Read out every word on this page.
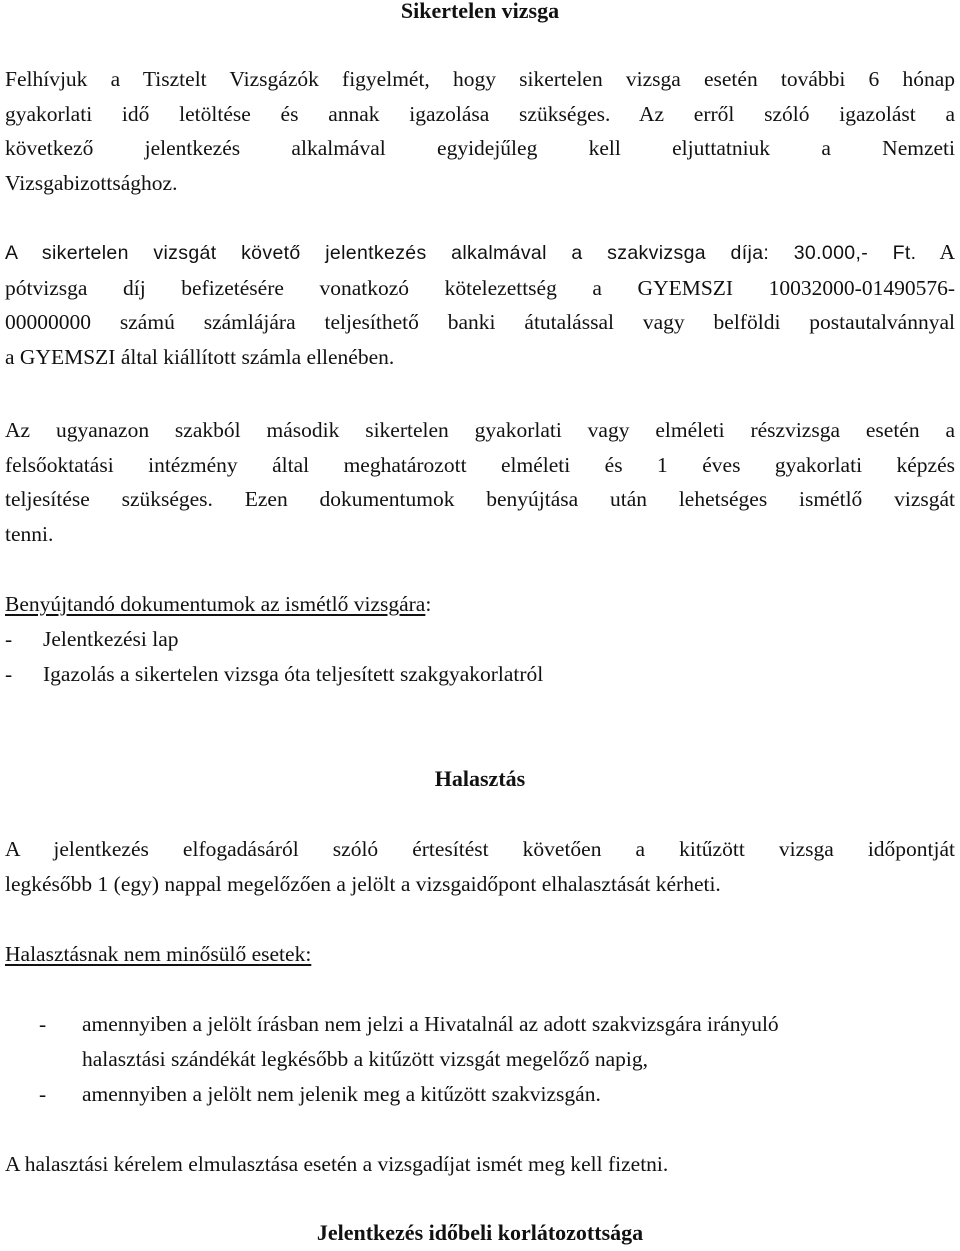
Sikertelen vizsga
Felhívjuk a Tisztelt Vizsgázók figyelmét, hogy sikertelen vizsga esetén további 6 hónap
gyakorlati idő letöltése és annak igazolása szükséges. Az erről szóló igazolást a
következő jelentkezés alkalmával egyidejűleg kell eljuttatniuk a Nemzeti
Vizsgabizottsághoz.
A sikertelen vizsgát követő jelentkezés alkalmával a szakvizsga díja: 30.000,- Ft. A
pótvizsga díj befizetésére vonatkozó kötelezettség a GYEMSZI 10032000-01490576-
00000000 számú számlájára teljesíthető banki átutalással vagy belföldi postautalvánnyal
a GYEMSZI által kiállított számla ellenében.
Az ugyanazon szakból második sikertelen gyakorlati vagy elméleti részvizsga esetén a
felsőoktatási intézmény által meghatározott elméleti és 1 éves gyakorlati képzés
teljesítése szükséges. Ezen dokumentumok benyújtása után lehetséges ismétlő vizsgát
tenni.
Benyújtandó dokumentumok az ismétlő vizsgára:
- Jelentkezési lap
- Igazolás a sikertelen vizsga óta teljesített szakgyakorlatról
Halasztás
A jelentkezés elfogadásáról szóló értesítést követően a kitűzött vizsga időpontját
legkésőbb 1 (egy) nappal megelőzően a jelölt a vizsgaidőpont elhalasztását kérheti.
Halasztásnak nem minősülő esetek:
-	amennyiben a jelölt írásban nem jelzi a Hivatalnál az adott szakvizsgára irányuló
halasztási szándékát legkésőbb a kitűzött vizsgát megelőző napig,
-	amennyiben a jelölt nem jelenik meg a kitűzött szakvizsgán.
A halasztási kérelem elmulasztása esetén a vizsgadíjat ismét meg kell fizetni.
Jelentkezés időbeli korlátozottsága
